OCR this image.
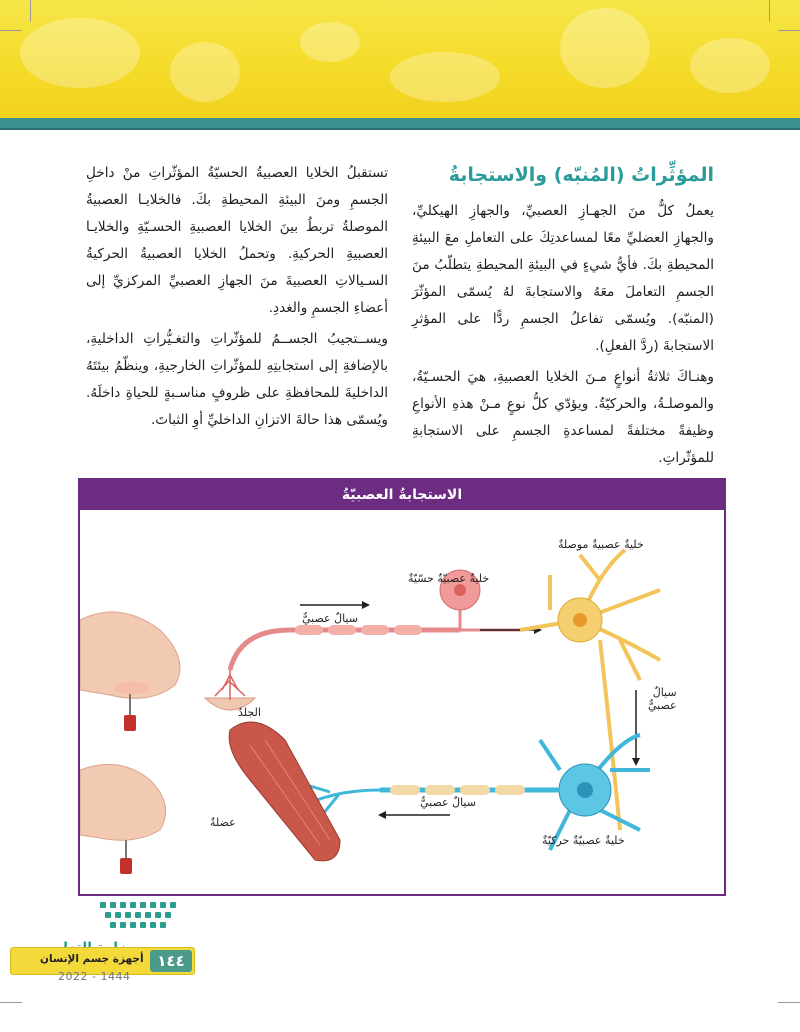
المؤثِّراتُ (المُنبّه) والاستجابةُ

يعملُ كلٌّ منَ الجهـازِ العصبيِّ، والجهازِ الهيكليِّ، والجهازِ العضليِّ معًا لمساعدتِكَ على التعاملِ معَ البيئةِ المحيطةِ بكَ. فأيُّ شيءٍ في البيئةِ المحيطةِ يتطلّبُ منَ الجسمِ التعاملَ معَهُ والاستجابةَ لهُ يُسمّى المؤثّرَ (المنبّه). ويُسمّى تفاعلُ الجسمِ ردًّا على المؤثرِ الاستجابةَ (ردَّ الفعلِ).

وهنـاكَ ثلاثةُ أنواعٍ مـنَ الخلايا العصبيةِ، هيَ الحسـيّةُ، والموصلـةُ، والحركيّةُ. ويؤدّي كلُّ نوعٍ مـنْ هذهِ الأنواعِ وظيفةً مختلفةً لمساعدةِ الجسمِ على الاستجابةِ للمؤثّراتِ.

تستقبلُ الخلايا العصبيةُ الحسيّةُ المؤثّراتِ منْ داخلِ الجسمِ ومنَ البيئةِ المحيطةِ بكَ. فالخلايـا العصبيةُ الموصلةُ تربطُ بينَ الخلايا العصبيةِ الحسـيّةِ والخلايـا العصبيةِ الحركيةِ. وتحملُ الخلايا العصبيةُ الحركيةُ السـيالاتِ العصبيةَ منَ الجهازِ العصبيِّ المركزيِّ إلى أعضاءِ الجسمِ والغددِ.

ويســتجيبُ الجســمُ للمؤثّراتِ والتغـيُّراتِ الداخليةِ، بالإضافةِ إلى استجابتِهِ للمؤثّراتِ الخارجيةِ، وينظّمُ بيئتَهُ الداخليةَ للمحافظةِ على ظروفٍ مناسـبةٍ للحياةِ داخلَهُ. ويُسمّى هذا حالةَ الاتزانِ الداخليِّ أوِ الثباتَ.

الاستجابةُ العصبيّةُ
خليةٌ عصبيةٌ موصلةٌ
خليةٌ عصبيّةٌ حسّيّةٌ
سيالٌ عصبيٌّ
سيالٌ
عصبيٌّ
الجلدُ
سيالٌ عصبيٌّ
عضلةٌ
خليةٌ عصبيّةٌ حركيّةٌ
أجهزة جسم الإنسان ١٤٤
2022 - 1444
